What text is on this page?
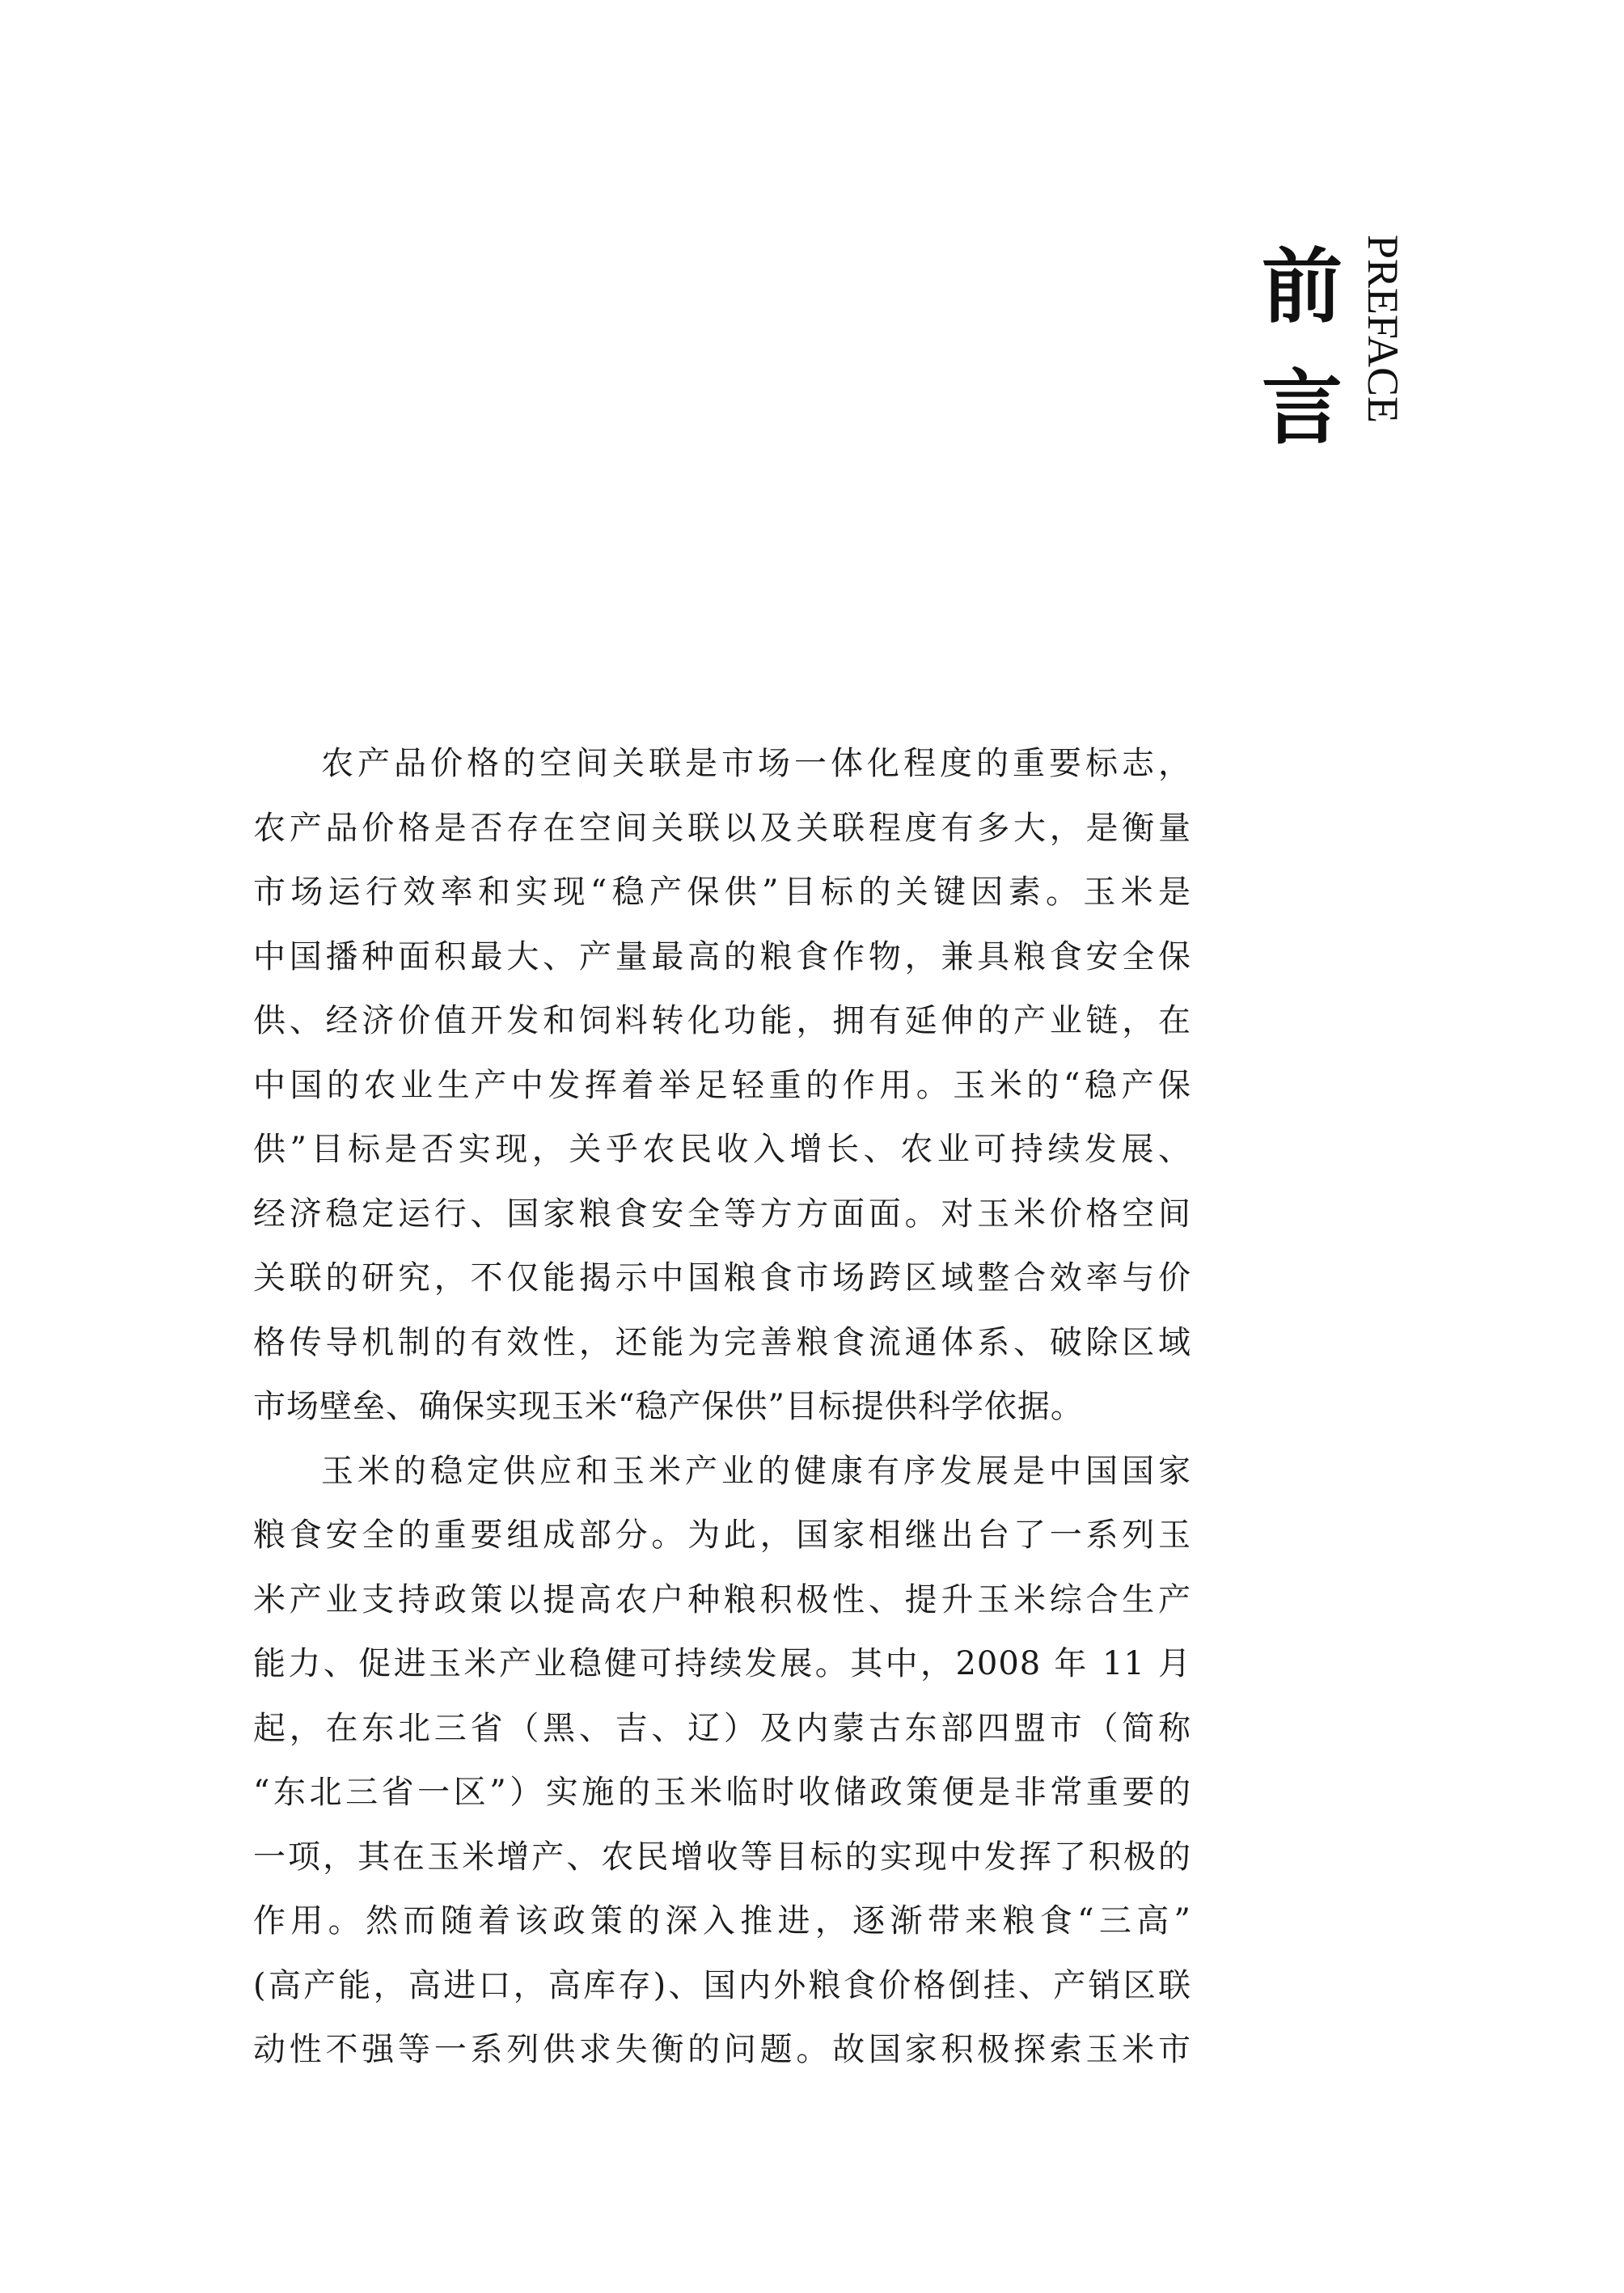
前
言 PREFACE
农产品价格的空间关联是市场一体化程度的重要标志，
农产品价格是否存在空间关联以及关联程度有多大，是衡量
市场运行效率和实现“稳产保供”目标的关键因素。玉米是
中国播种面积最大、产量最高的粮食作物，兼具粮食安全保
供、经济价值开发和饲料转化功能，拥有延伸的产业链，在
中国的农业生产中发挥着举足轻重的作用。玉米的“稳产保
供”目标是否实现，关乎农民收入增长、农业可持续发展、
经济稳定运行、国家粮食安全等方方面面。对玉米价格空间
关联的研究，不仅能揭示中国粮食市场跨区域整合效率与价
格传导机制的有效性，还能为完善粮食流通体系、破除区域
市场壁垒、确保实现玉米“稳产保供”目标提供科学依据。
玉米的稳定供应和玉米产业的健康有序发展是中国国家
粮食安全的重要组成部分。为此，国家相继出台了一系列玉
米产业支持政策以提高农户种粮积极性、提升玉米综合生产
能力、促进玉米产业稳健可持续发展。其中，2008 年 11 月
起，在东北三省（黑、吉、辽）及内蒙古东部四盟市（简称
“东北三省一区”）实施的玉米临时收储政策便是非常重要的
一项，其在玉米增产、农民增收等目标的实现中发挥了积极的
作用。然而随着该政策的深入推进，逐渐带来粮食“三高”
(高产能，高进口，高库存)、国内外粮食价格倒挂、产销区联
动性不强等一系列供求失衡的问题。故国家积极探索玉米市
